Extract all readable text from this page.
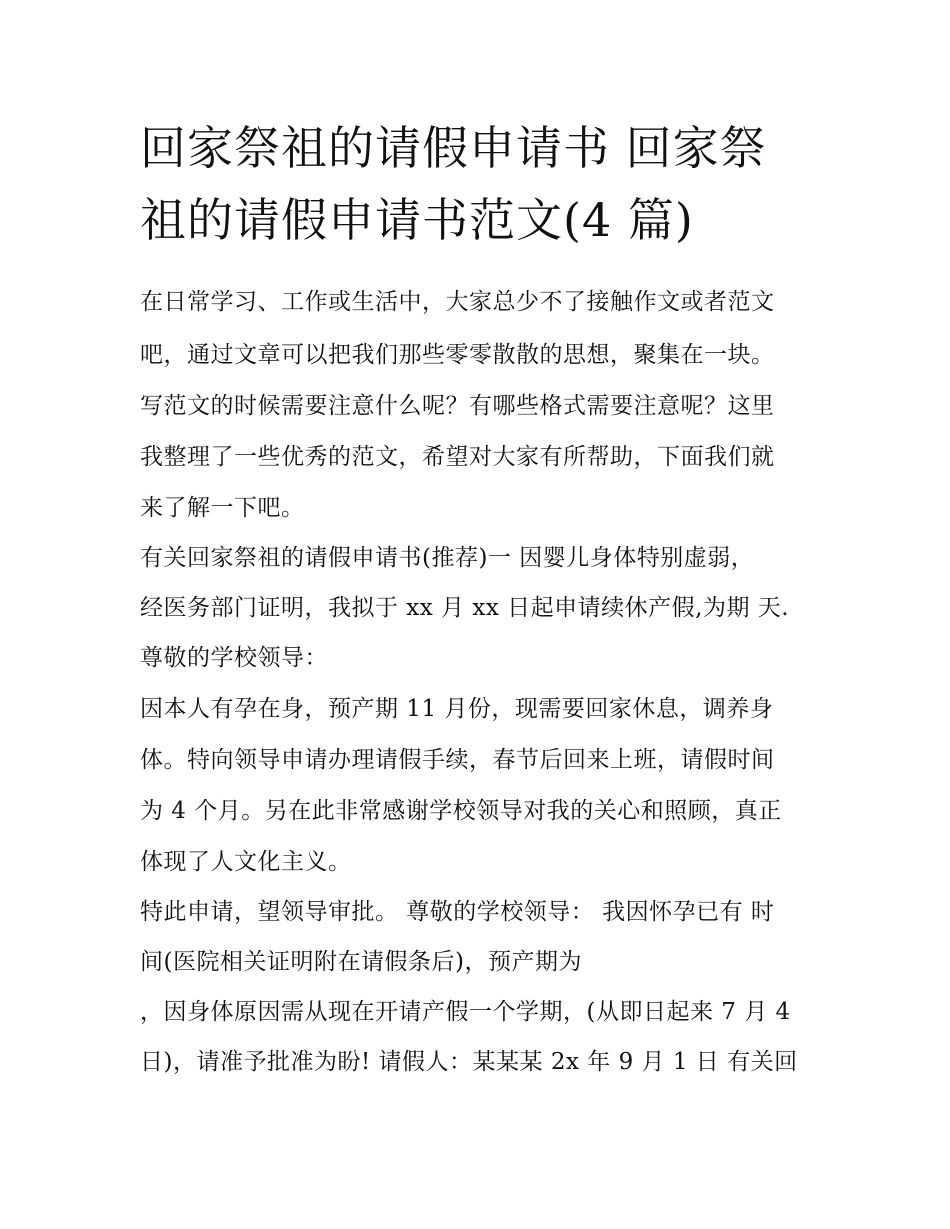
回家祭祖的请假申请书 回家祭
祖的请假申请书范文(4 篇)
在日常学习、工作或生活中，大家总少不了接触作文或者范文
吧，通过文章可以把我们那些零零散散的思想，聚集在一块。
写范文的时候需要注意什么呢？有哪些格式需要注意呢？这里
我整理了一些优秀的范文，希望对大家有所帮助，下面我们就
来了解一下吧。
有关回家祭祖的请假申请书(推荐)一 因婴儿身体特别虚弱，
经医务部门证明，我拟于 xx 月 xx 日起申请续休产假,为期 天.
尊敬的学校领导：
因本人有孕在身，预产期 11 月份，现需要回家休息，调养身
体。特向领导申请办理请假手续，春节后回来上班，请假时间
为 4 个月。另在此非常感谢学校领导对我的关心和照顾，真正
体现了人文化主义。
特此申请，望领导审批。 尊敬的学校领导： 我因怀孕已有 时
间(医院相关证明附在请假条后)，预产期为
，因身体原因需从现在开请产假一个学期，(从即日起来 7 月 4
日)，请准予批准为盼! 请假人：某某某 2x 年 9 月 1 日 有关回
